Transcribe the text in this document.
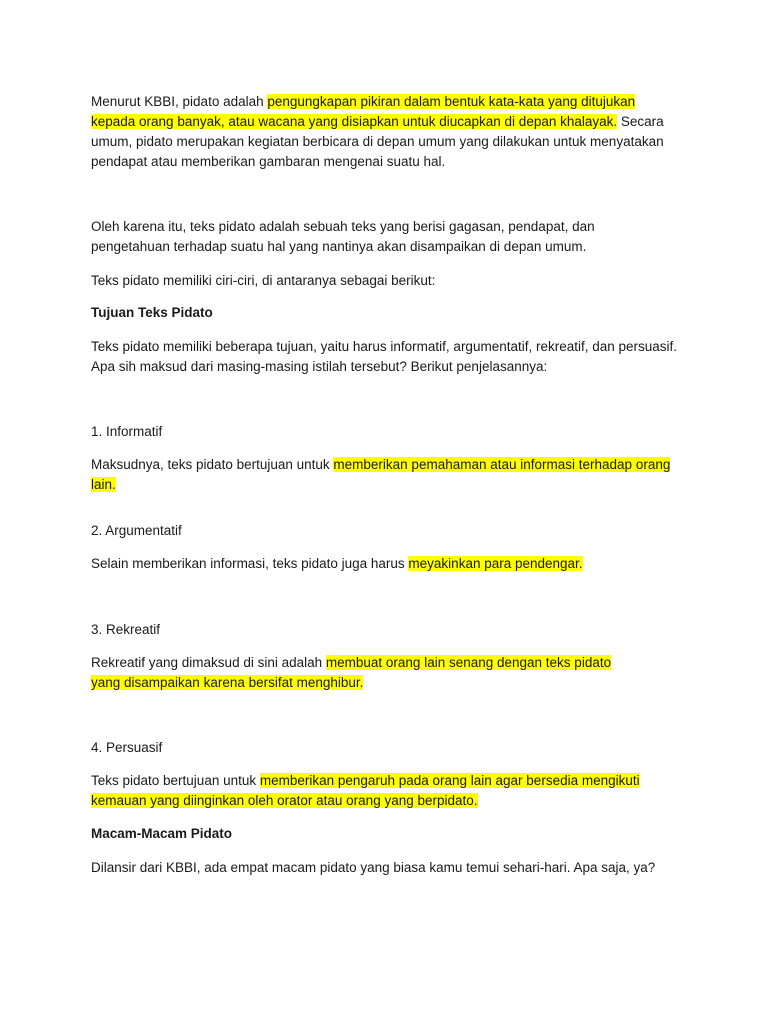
Menurut KBBI, pidato adalah pengungkapan pikiran dalam bentuk kata-kata yang ditujukan kepada orang banyak, atau wacana yang disiapkan untuk diucapkan di depan khalayak. Secara umum, pidato merupakan kegiatan berbicara di depan umum yang dilakukan untuk menyatakan pendapat atau memberikan gambaran mengenai suatu hal.

Oleh karena itu, teks pidato adalah sebuah teks yang berisi gagasan, pendapat, dan pengetahuan terhadap suatu hal yang nantinya akan disampaikan di depan umum.

Teks pidato memiliki ciri-ciri, di antaranya sebagai berikut:

Tujuan Teks Pidato

Teks pidato memiliki beberapa tujuan, yaitu harus informatif, argumentatif, rekreatif, dan persuasif. Apa sih maksud dari masing-masing istilah tersebut? Berikut penjelasannya:

1. Informatif

Maksudnya, teks pidato bertujuan untuk memberikan pemahaman atau informasi terhadap orang lain.

2. Argumentatif

Selain memberikan informasi, teks pidato juga harus meyakinkan para pendengar.

3. Rekreatif

Rekreatif yang dimaksud di sini adalah membuat orang lain senang dengan teks pidato yang disampaikan karena bersifat menghibur.

4. Persuasif

Teks pidato bertujuan untuk memberikan pengaruh pada orang lain agar bersedia mengikuti kemauan yang diinginkan oleh orator atau orang yang berpidato.

Macam-Macam Pidato

Dilansir dari KBBI, ada empat macam pidato yang biasa kamu temui sehari-hari. Apa saja, ya?
